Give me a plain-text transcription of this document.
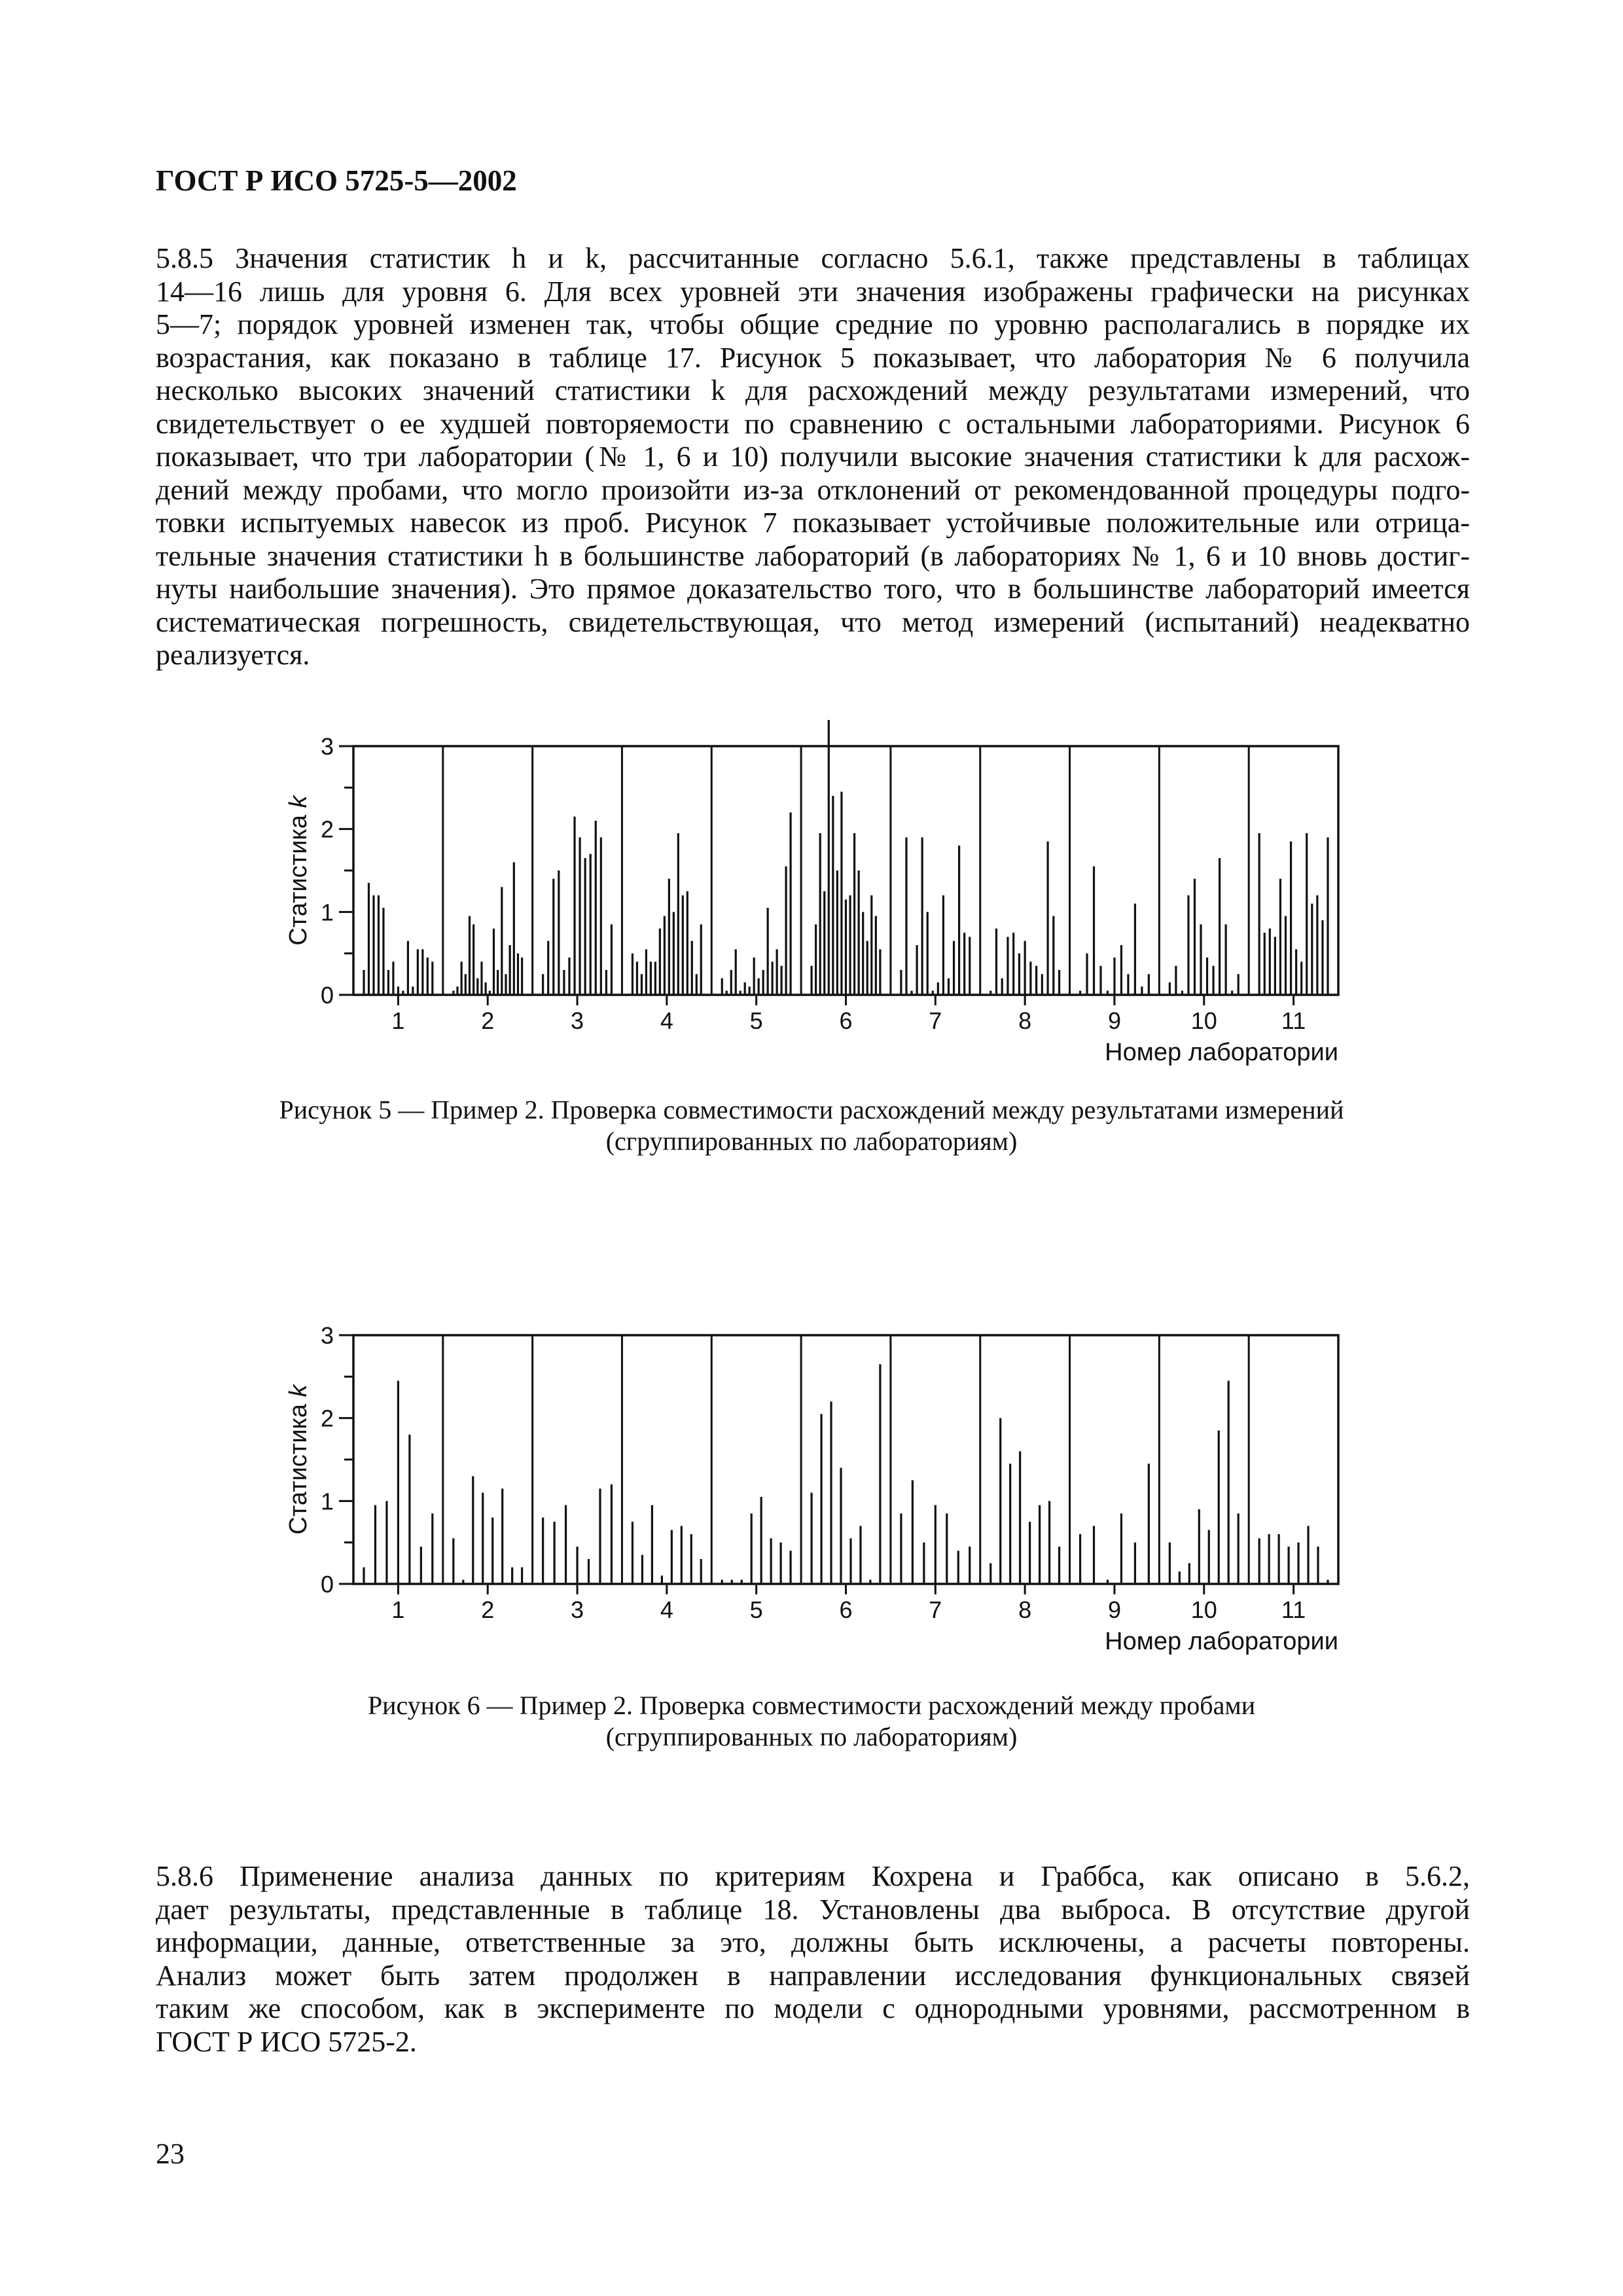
ГОСТ Р ИСО 5725-5—2002
5.8.5 Значения статистик h и k, рассчитанные согласно 5.6.1, также представлены в таблицах
14—16 лишь для уровня 6. Для всех уровней эти значения изображены графически на рисунках
5—7; порядок уровней изменен так, чтобы общие средние по уровню располагались в порядке их
возрастания, как показано в таблице 17. Рисунок 5 показывает, что лаборатория № 6 получила
несколько высоких значений статистики k для расхождений между результатами измерений, что
свидетельствует о ее худшей повторяемости по сравнению с остальными лабораториями. Рисунок 6
показывает, что три лаборатории (№ 1, 6 и 10) получили высокие значения статистики k для расхож-
дений между пробами, что могло произойти из-за отклонений от рекомендованной процедуры подго-
товки испытуемых навесок из проб. Рисунок 7 показывает устойчивые положительные или отрица-
тельные значения статистики h в большинстве лабораторий (в лабораториях № 1, 6 и 10 вновь достиг-
нуты наибольшие значения). Это прямое доказательство того, что в большинстве лабораторий имеется
систематическая погрешность, свидетельствующая, что метод измерений (испытаний) неадекватно
реализуется.
0
1
2
3
1	2	3	4	5	6	7	8	9	10	11
Номер лаборатории
Статистика k
Рисунок 5 — Пример 2. Проверка совместимости расхождений между результатами измерений
(сгруппированных по лабораториям)
0
1
2
3
1	2	3	4	5	6	7	8	9	10	11
Номер лаборатории
Статистика k
Рисунок 6 — Пример 2. Проверка совместимости расхождений между пробами
(сгруппированных по лабораториям)
5.8.6 Применение анализа данных по критериям Кохрена и Граббса, как описано в 5.6.2,
дает результаты, представленные в таблице 18. Установлены два выброса. В отсутствие другой
информации, данные, ответственные за это, должны быть исключены, а расчеты повторены.
Анализ может быть затем продолжен в направлении исследования функциональных связей
таким же способом, как в эксперименте по модели с однородными уровнями, рассмотренном в
ГОСТ Р ИСО 5725-2.
23
